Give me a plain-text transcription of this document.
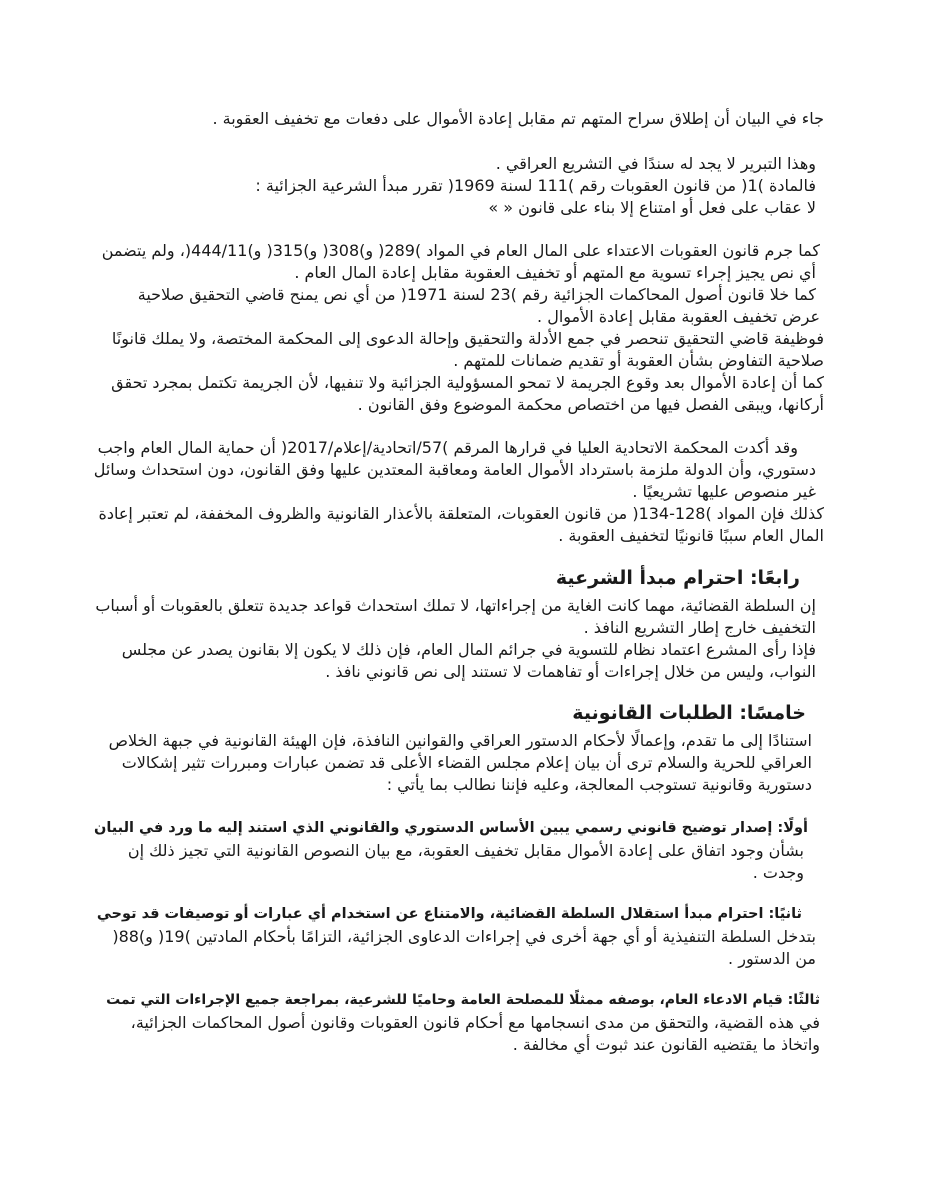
جاء في البيان أن إطلاق سراح المتهم تم مقابل إعادة الأموال على دفعات مع تخفيف العقوبة .
وهذا التبرير لا يجد له سندًا في التشريع العراقي .
فالمادة )1( من قانون العقوبات رقم )111 لسنة 1969( تقرر مبدأ الشرعية الجزائية :
لا عقاب على فعل أو امتناع إلا بناء على قانون « »
كما جرم قانون العقوبات الاعتداء على المال العام في المواد )289( و)308( و)315( و)444/11(، ولم يتضمن
أي نص يجيز إجراء تسوية مع المتهم أو تخفيف العقوبة مقابل إعادة المال العام .
كما خلا قانون أصول المحاكمات الجزائية رقم )23 لسنة 1971( من أي نص يمنح قاضي التحقيق صلاحية
عرض تخفيف العقوبة مقابل إعادة الأموال .
فوظيفة قاضي التحقيق تنحصر في جمع الأدلة والتحقيق وإحالة الدعوى إلى المحكمة المختصة، ولا يملك قانونًا
صلاحية التفاوض بشأن العقوبة أو تقديم ضمانات للمتهم .
كما أن إعادة الأموال بعد وقوع الجريمة لا تمحو المسؤولية الجزائية ولا تنفيها، لأن الجريمة تكتمل بمجرد تحقق
أركانها، ويبقى الفصل فيها من اختصاص محكمة الموضوع وفق القانون .
وقد أكدت المحكمة الاتحادية العليا في قرارها المرقم )57/اتحادية/إعلام/2017( أن حماية المال العام واجب
دستوري، وأن الدولة ملزمة باسترداد الأموال العامة ومعاقبة المعتدين عليها وفق القانون، دون استحداث وسائل
غير منصوص عليها تشريعيًا .
كذلك فإن المواد )128-134( من قانون العقوبات، المتعلقة بالأعذار القانونية والظروف المخففة، لم تعتبر إعادة
المال العام سببًا قانونيًا لتخفيف العقوبة .
رابعًا: احترام مبدأ الشرعية
إن السلطة القضائية، مهما كانت الغاية من إجراءاتها، لا تملك استحداث قواعد جديدة تتعلق بالعقوبات أو أسباب
التخفيف خارج إطار التشريع النافذ .
فإذا رأى المشرع اعتماد نظام للتسوية في جرائم المال العام، فإن ذلك لا يكون إلا بقانون يصدر عن مجلس
النواب، وليس من خلال إجراءات أو تفاهمات لا تستند إلى نص قانوني نافذ .
خامسًا: الطلبات القانونية
استنادًا إلى ما تقدم، وإعمالًا لأحكام الدستور العراقي والقوانين النافذة، فإن الهيئة القانونية في جبهة الخلاص
العراقي للحرية والسلام ترى أن بيان إعلام مجلس القضاء الأعلى قد تضمن عبارات ومبررات تثير إشكالات
دستورية وقانونية تستوجب المعالجة، وعليه فإننا نطالب بما يأتي :
أولًا: إصدار توضيح قانوني رسمي يبين الأساس الدستوري والقانوني الذي استند إليه ما ورد في البيان
بشأن وجود اتفاق على إعادة الأموال مقابل تخفيف العقوبة، مع بيان النصوص القانونية التي تجيز ذلك إن
وجدت .
ثانيًا: احترام مبدأ استقلال السلطة القضائية، والامتناع عن استخدام أي عبارات أو توصيفات قد توحي
بتدخل السلطة التنفيذية أو أي جهة أخرى في إجراءات الدعاوى الجزائية، التزامًا بأحكام المادتين )19( و)88(
من الدستور .
ثالثًا: قيام الادعاء العام، بوصفه ممثلًا للمصلحة العامة وحاميًا للشرعية، بمراجعة جميع الإجراءات التي تمت
في هذه القضية، والتحقق من مدى انسجامها مع أحكام قانون العقوبات وقانون أصول المحاكمات الجزائية،
واتخاذ ما يقتضيه القانون عند ثبوت أي مخالفة .
